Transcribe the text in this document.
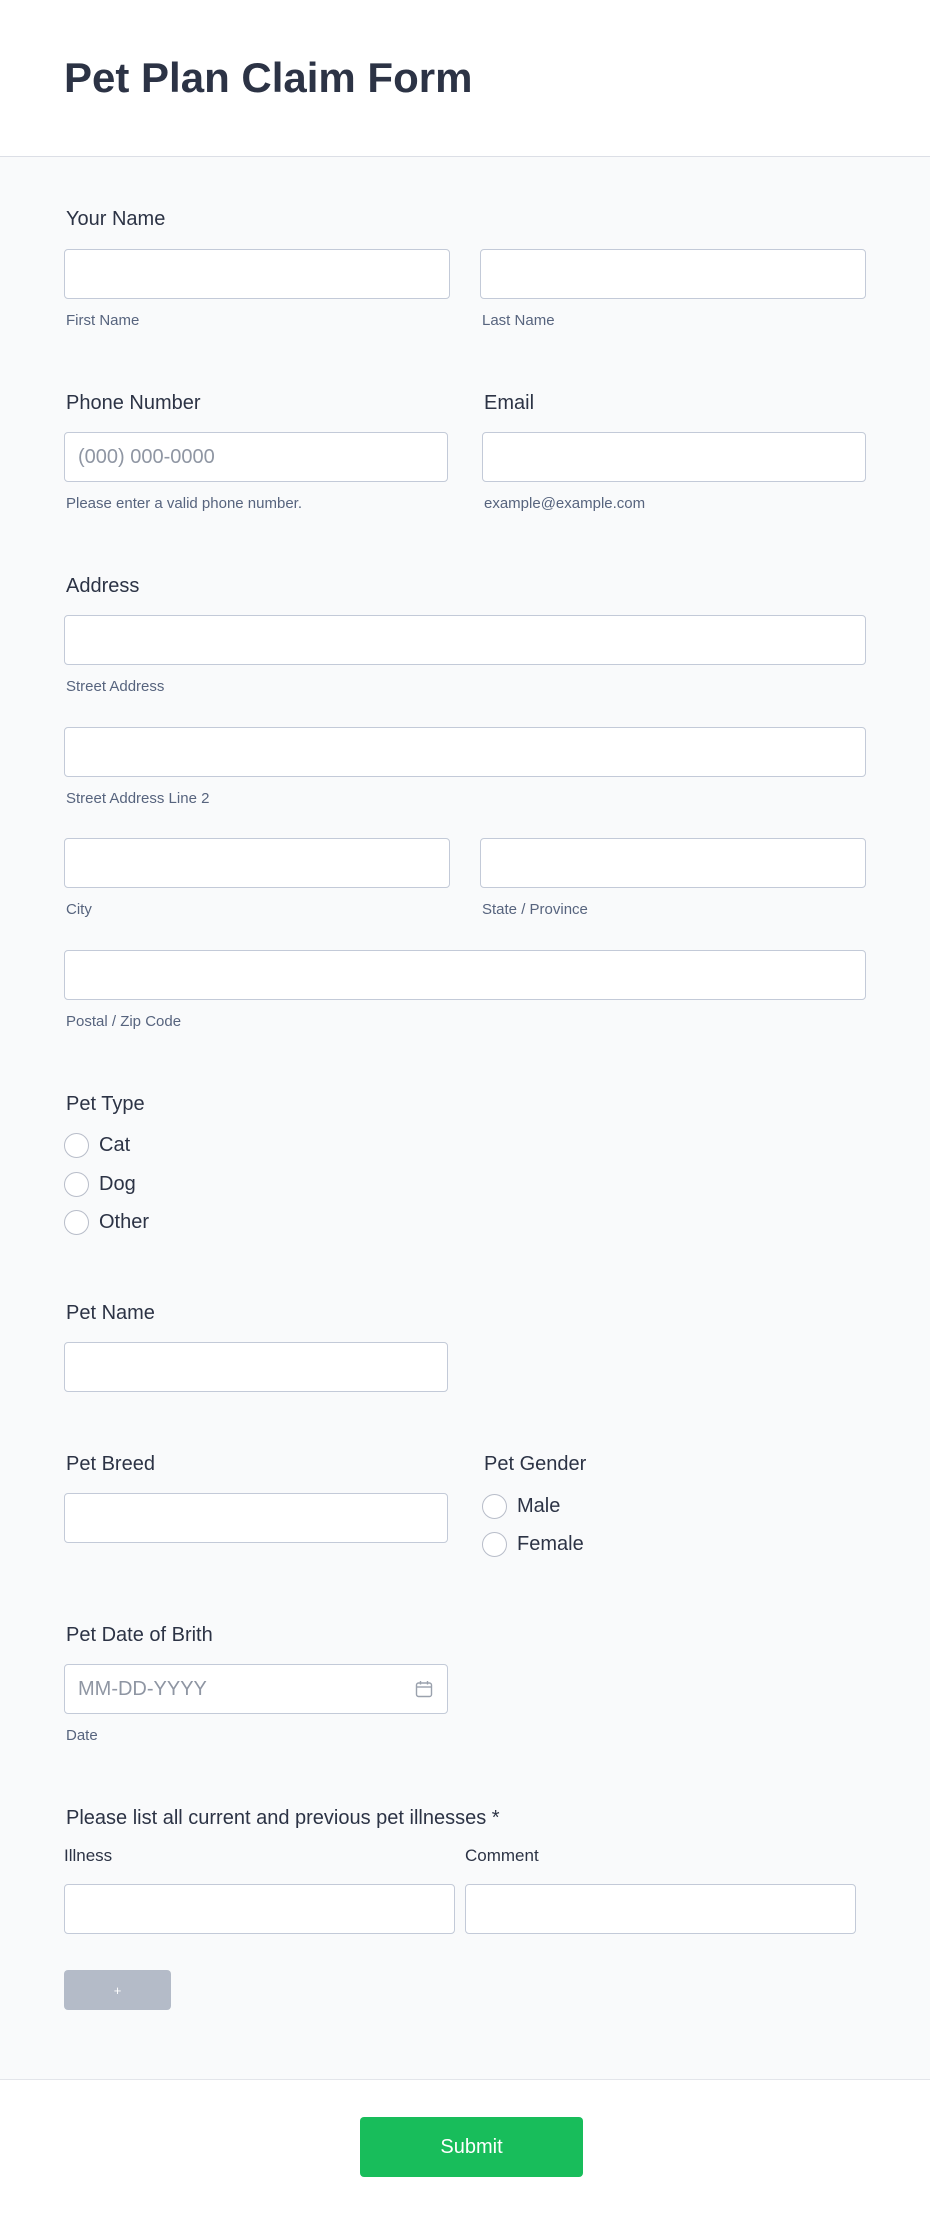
Pet Plan Claim Form
Your Name
First Name	Last Name
Phone Number	Email
(000) 000-0000
Please enter a valid phone number.	example@example.com
Address
Street Address
Street Address Line 2
City	State / Province
Postal / Zip Code
Pet Type
Cat
Dog
Other
Pet Name
Pet Breed	Pet Gender
Male
Female
Pet Date of Brith
MM-DD-YYYY
Date
Please list all current and previous pet illnesses *
Illness	Comment
+
Submit
